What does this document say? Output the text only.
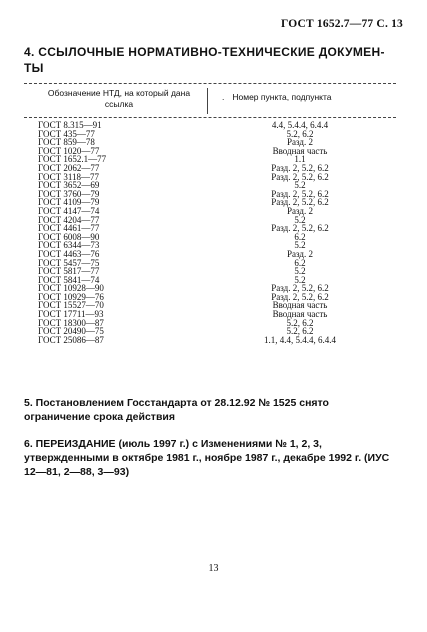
ГОСТ 1652.7—77 С. 13
4. ССЫЛОЧНЫЕ НОРМАТИВНО-ТЕХНИЧЕСКИЕ ДОКУМЕН-ТЫ
Обозначение НТД, на который дана ссылка
. Номер пункта, подпункта
ГОСТ 8.315—91	4.4, 5.4.4, 6.4.4
ГОСТ 435—77	5.2, 6.2
ГОСТ 859—78	Разд. 2
ГОСТ 1020—77	Вводная часть
ГОСТ 1652.1—77	1.1
ГОСТ 2062—77	Разд. 2, 5.2, 6.2
ГОСТ 3118—77	Разд. 2, 5.2, 6.2
ГОСТ 3652—69	5.2
ГОСТ 3760—79	Разд. 2, 5.2, 6.2
ГОСТ 4109—79	Разд. 2, 5.2, 6.2
ГОСТ 4147—74	Разд. 2
ГОСТ 4204—77	5.2
ГОСТ 4461—77	Разд. 2, 5.2, 6.2
ГОСТ 6008—90	6.2
ГОСТ 6344—73	5.2
ГОСТ 4463—76	Разд. 2
ГОСТ 5457—75	6.2
ГОСТ 5817—77	5.2
ГОСТ 5841—74	5.2
ГОСТ 10928—90	Разд. 2, 5.2, 6.2
ГОСТ 10929—76	Разд. 2, 5.2, 6.2
ГОСТ 15527—70	Вводная часть
ГОСТ 17711—93	Вводная часть
ГОСТ 18300—87	5.2, 6.2
ГОСТ 20490—75	5.2, 6.2
ГОСТ 25086—87	1.1, 4.4, 5.4.4, 6.4.4
5. Постановлением Госстандарта от 28.12.92 № 1525 снято ограничение срока действия
6. ПЕРЕИЗДАНИЕ (июль 1997 г.) с Изменениями № 1, 2, 3, утвержденными в октябре 1981 г., ноябре 1987 г., декабре 1992 г. (ИУС 12—81, 2—88, 3—93)
13
